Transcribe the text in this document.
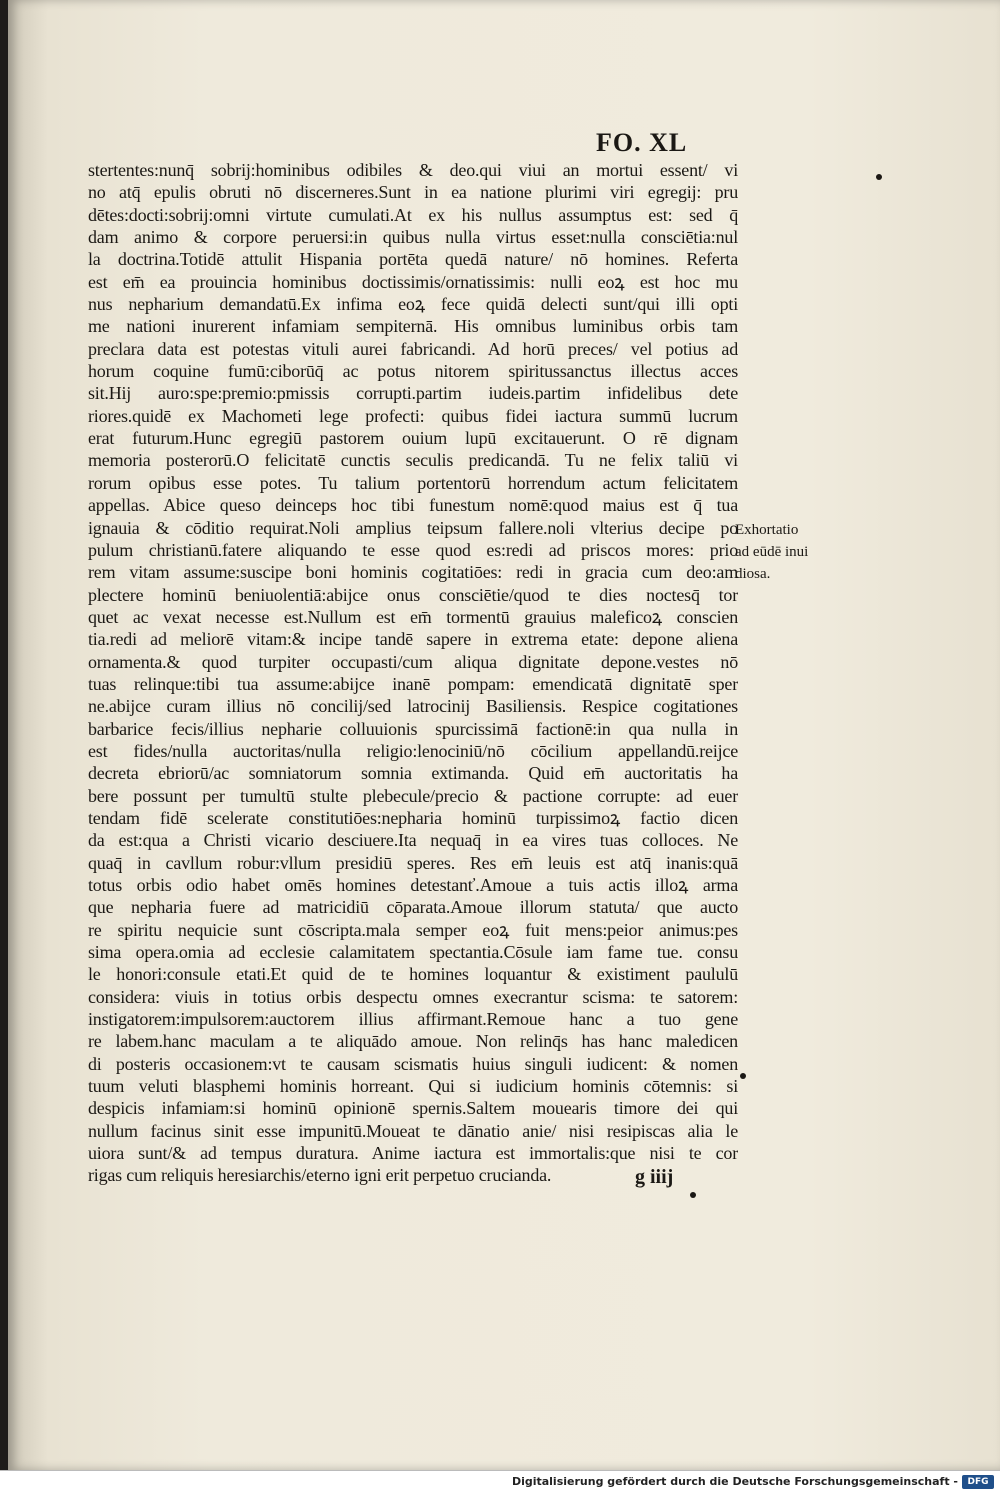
FO. XL
stertentes:nunq̄ sobrij:hominibus odibiles & deo.qui viui an mortui essent/ vi
no atq̄ epulis obruti nō discerneres.Sunt in ea natione plurimi viri egregij: pru
dētes:docti:sobrij:omni virtute cumulati.At ex his nullus assumptus est: sed q̄
dam animo & corpore peruersi:in quibus nulla virtus esset:nulla consciētia:nul
la doctrina.Totidē attulit Hispania portēta quedā nature/ nō homines. Referta
est em̄ ea prouincia hominibus doctissimis/ornatissimis: nulli eoꝝ est hoc mu
nus nepharium demandatū.Ex infima eoꝝ fece quidā delecti sunt/qui illi opti
me nationi inurerent infamiam sempiternā. His omnibus luminibus orbis tam
preclara data est potestas vituli aurei fabricandi. Ad horū preces/ vel potius ad
horum coquine fumū:ciborūq̄ ac potus nitorem spiritussanctus illectus acces
sit.Hij auro:spe:premio:pmissis corrupti.partim iudeis.partim infidelibus dete
riores.quidē ex Machometi lege profecti: quibus fidei iactura summū lucrum
erat futurum.Hunc egregiū pastorem ouium lupū excitauerunt. O rē dignam
memoria posterorū.O felicitatē cunctis seculis predicandā. Tu ne felix taliū vi
rorum opibus esse potes. Tu talium portentorū horrendum actum felicitatem
appellas. Abice queso deinceps hoc tibi funestum nomē:quod maius est q̄ tua
ignauia & cōditio requirat.Noli amplius teipsum fallere.noli vlterius decipe po
pulum christianū.fatere aliquando te esse quod es:redi ad priscos mores: prio
rem vitam assume:suscipe boni hominis cogitatiōes: redi in gracia cum deo:am
plectere hominū beniuolentiā:abijce onus consciētie/quod te dies noctesq̄ tor
quet ac vexat necesse est.Nullum est em̄ tormentū grauius maleficoꝝ conscien
tia.redi ad meliorē vitam:& incipe tandē sapere in extrema etate: depone aliena
ornamenta.& quod turpiter occupasti/cum aliqua dignitate depone.vestes nō
tuas relinque:tibi tua assume:abijce inanē pompam: emendicatā dignitatē sper
ne.abijce curam illius nō concilij/sed latrocinij Basiliensis. Respice cogitationes
barbarice fecis/illius nepharie colluuionis spurcissimā factionē:in qua nulla in
est fides/nulla auctoritas/nulla religio:lenociniū/nō cōcilium appellandū.reijce
decreta ebriorū/ac somniatorum somnia extimanda. Quid em̄ auctoritatis ha
bere possunt per tumultū stulte plebecule/precio & pactione corrupte: ad euer
tendam fidē scelerate constitutiōes:nepharia hominū turpissimoꝝ factio dicen
da est:qua a Christi vicario desciuere.Ita nequaq̄ in ea vires tuas colloces. Ne
quaq̄ in cavllum robur:vllum presidiū speres. Res em̄ leuis est atq̄ inanis:quā
totus orbis odio habet omēs homines detestanť.Amoue a tuis actis illoꝝ arma
que nepharia fuere ad matricidiū cōparata.Amoue illorum statuta/ que aucto
re spiritu nequicie sunt cōscripta.mala semper eoꝝ fuit mens:peior animus:pes
sima opera.omia ad ecclesie calamitatem spectantia.Cōsule iam fame tue. consu
le honori:consule etati.Et quid de te homines loquantur & existiment paululū
considera: viuis in totius orbis despectu omnes execrantur scisma: te satorem:
instigatorem:impulsorem:auctorem illius affirmant.Remoue hanc a tuo gene
re labem.hanc maculam a te aliquādo amoue. Non relinq̄s has hanc maledicen
di posteris occasionem:vt te causam scismatis huius singuli iudicent: & nomen
tuum veluti blasphemi hominis horreant. Qui si iudicium hominis cōtemnis: si
despicis infamiam:si hominū opinionē spernis.Saltem mouearis timore dei qui
nullum facinus sinit esse impunitū.Moueat te dānatio anie/ nisi resipiscas alia le
uiora sunt/& ad tempus duratura. Anime iactura est immortalis:que nisi te cor
rigas cum reliquis heresiarchis/eterno igni erit perpetuo crucianda.
Exhortatio
ad eūdē inui
diosa.
g iiij
Digitalisierung gefördert durch die Deutsche Forschungsgemeinschaft -	DFG
